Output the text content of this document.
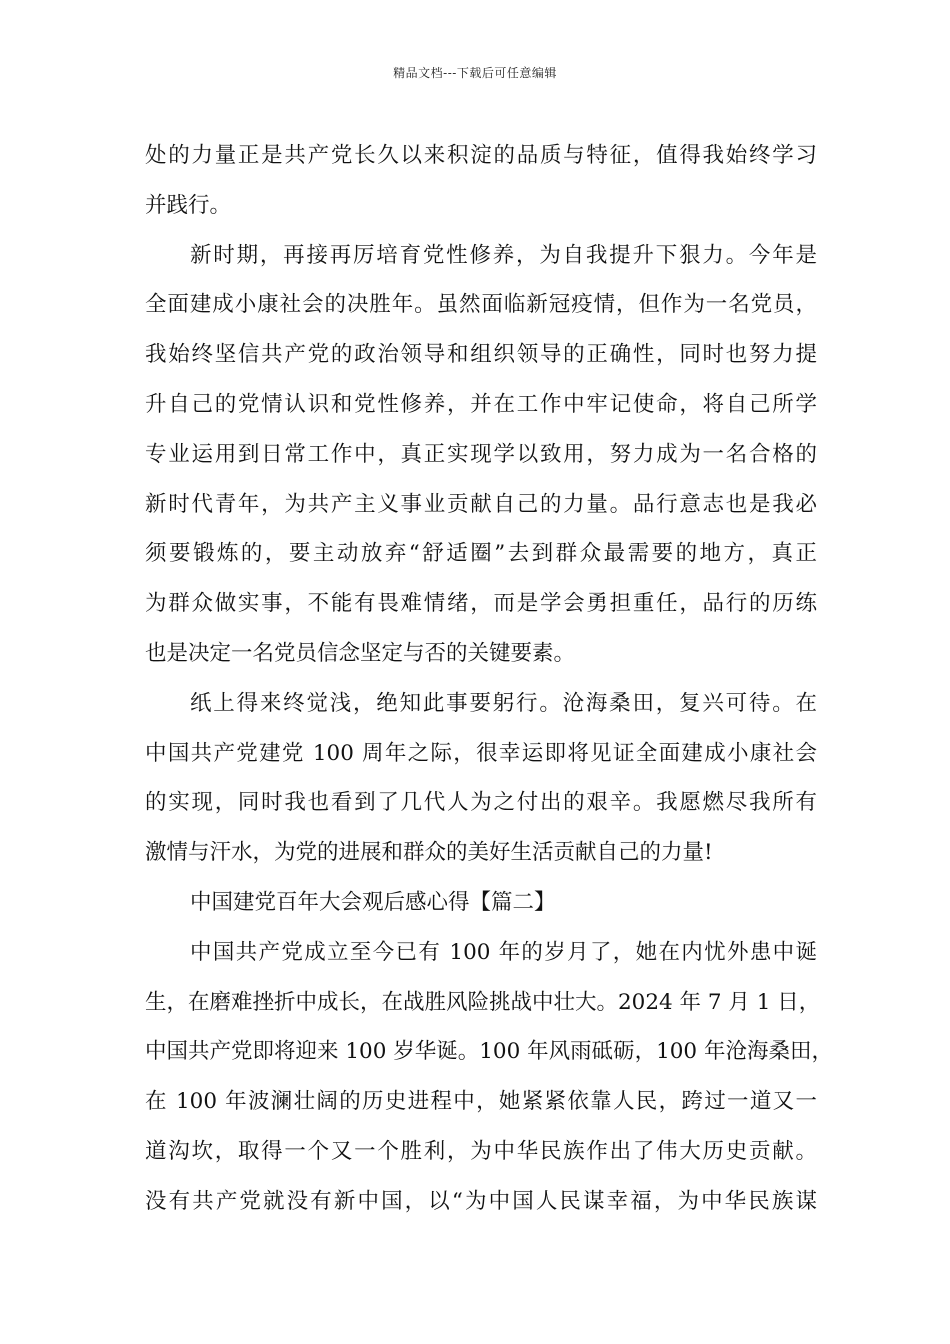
精品文档---下载后可任意编辑

处的力量正是共产党长久以来积淀的品质与特征，值得我始终学习

并践行。

新时期，再接再厉培育党性修养，为自我提升下狠力。今年是

全面建成小康社会的决胜年。虽然面临新冠疫情，但作为一名党员，

我始终坚信共产党的政治领导和组织领导的正确性，同时也努力提

升自己的党情认识和党性修养，并在工作中牢记使命，将自己所学

专业运用到日常工作中，真正实现学以致用，努力成为一名合格的

新时代青年，为共产主义事业贡献自己的力量。品行意志也是我必

须要锻炼的，要主动放弃“舒适圈”去到群众最需要的地方，真正

为群众做实事，不能有畏难情绪，而是学会勇担重任，品行的历练

也是决定一名党员信念坚定与否的关键要素。

纸上得来终觉浅，绝知此事要躬行。沧海桑田，复兴可待。在

中国共产党建党 100 周年之际，很幸运即将见证全面建成小康社会

的实现，同时我也看到了几代人为之付出的艰辛。我愿燃尽我所有

激情与汗水，为党的进展和群众的美好生活贡献自己的力量!

中国建党百年大会观后感心得【篇二】

中国共产党成立至今已有 100 年的岁月了，她在内忧外患中诞

生，在磨难挫折中成长，在战胜风险挑战中壮大。2024 年 7 月 1 日，

中国共产党即将迎来 100 岁华诞。100 年风雨砥砺，100 年沧海桑田，

在 100 年波澜壮阔的历史进程中，她紧紧依靠人民，跨过一道又一

道沟坎，取得一个又一个胜利，为中华民族作出了伟大历史贡献。

没有共产党就没有新中国，以“为中国人民谋幸福，为中华民族谋
